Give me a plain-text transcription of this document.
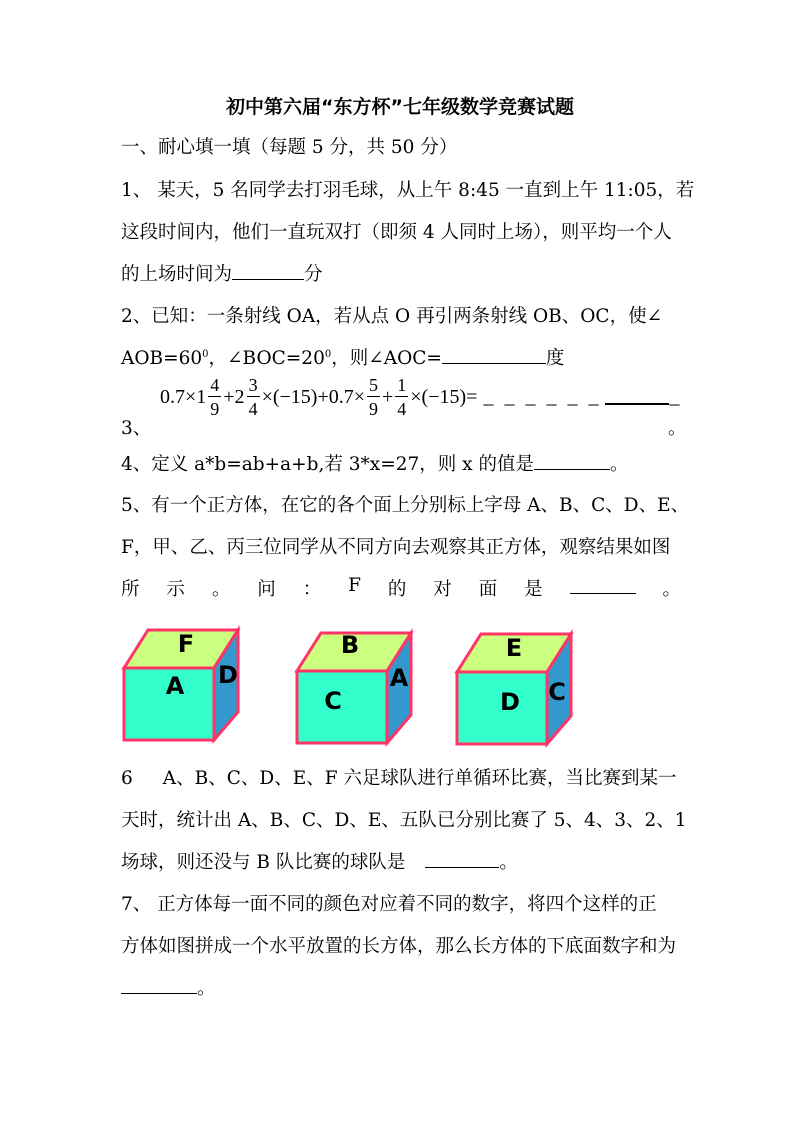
初中第六届“东方杯”七年级数学竞赛试题
一、耐心填一填（每题 5 分，共 50 分）
1、 某天，5 名同学去打羽毛球，从上午 8:45 一直到上午 11:05，若
这段时间内，他们一直玩双打（即须 4 人同时上场），则平均一个人
的上场时间为	分
2、已知：一条射线 OA，若从点 O 再引两条射线 OB、OC，使∠
$AOB=60^0$，$\angle BOC=20^0$，则∠AOC=	度
3、
$0.7\times 1 \frac{4}{9} +2 \frac{3}{4} \times(-15)+0.7\times \frac{5}{9} + \frac{1}{4} \times(-15)=$ _ _ _ _ _ _	_
。
4、定义 a*b=ab+a+b,若 3*x=27，则 x 的值是	。
5、有一个正方体，在它的各个面上分别标上字母 A、B、C、D、E、
F，甲、乙、丙三位同学从不同方向去观察其正方体，观察结果如图
所 示 。 问 ： F 的 对 面 是	。
F
A D
B
C
A
E
D C
6 A、B、C、D、E、F 六足球队进行单循环比赛，当比赛到某一
天时，统计出 A、B、C、D、E、五队已分别比赛了 5、4、3、2、1
场球，则还没与 B 队比赛的球队是	。
7、 正方体每一面不同的颜色对应着不同的数字，将四个这样的正
方体如图拼成一个水平放置的长方体，那么长方体的下底面数字和为
。
